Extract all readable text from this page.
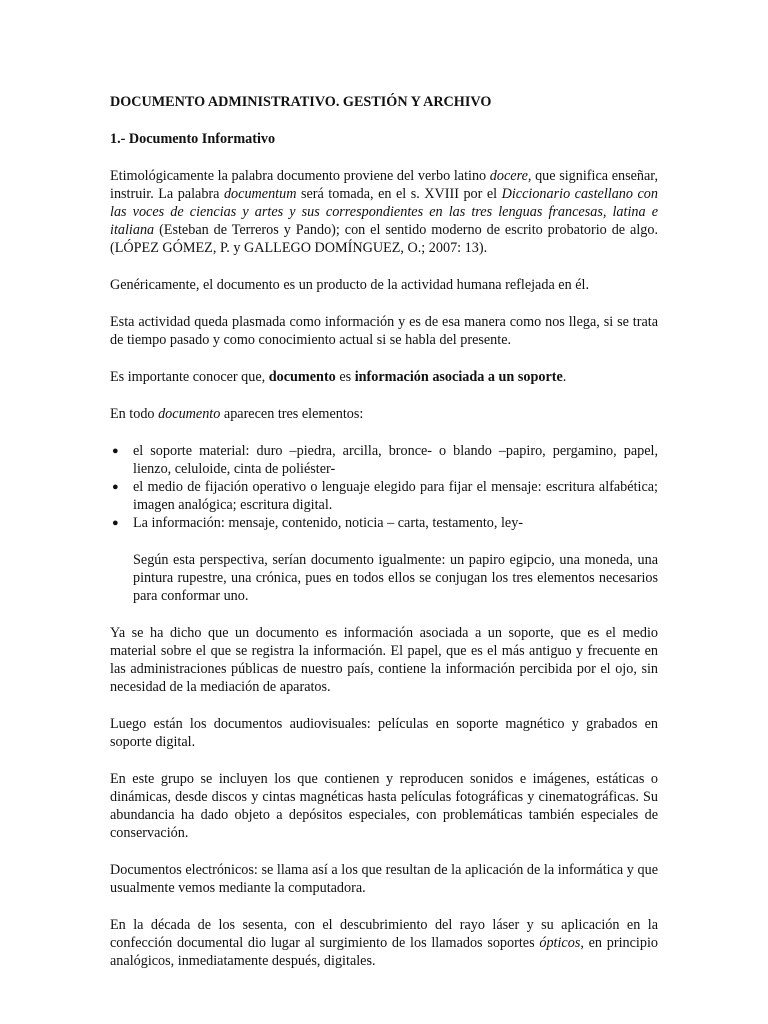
DOCUMENTO ADMINISTRATIVO. GESTIÓN Y ARCHIVO

1.- Documento Informativo

Etimológicamente la palabra documento proviene del verbo latino docere, que significa enseñar, instruir. La palabra documentum será tomada, en el s. XVIII por el Diccionario castellano con las voces de ciencias y artes y sus correspondientes en las tres lenguas francesas, latina e italiana (Esteban de Terreros y Pando); con el sentido moderno de escrito probatorio de algo. (LÓPEZ GÓMEZ, P. y GALLEGO DOMÍNGUEZ, O.; 2007: 13).

Genéricamente, el documento es un producto de la actividad humana reflejada en él.

Esta actividad queda plasmada como información y es de esa manera como nos llega, si se trata de tiempo pasado y como conocimiento actual si se habla del presente.

Es importante conocer que, documento es información asociada a un soporte.

En todo documento aparecen tres elementos:

● el soporte material: duro –piedra, arcilla, bronce- o blando –papiro, pergamino, papel, lienzo, celuloide, cinta de poliéster-
● el medio de fijación operativo o lenguaje elegido para fijar el mensaje: escritura alfabética; imagen analógica; escritura digital.
● La información: mensaje, contenido, noticia – carta, testamento, ley-

Según esta perspectiva, serían documento igualmente: un papiro egipcio, una moneda, una pintura rupestre, una crónica, pues en todos ellos se conjugan los tres elementos necesarios para conformar uno.

Ya se ha dicho que un documento es información asociada a un soporte, que es el medio material sobre el que se registra la información. El papel, que es el más antiguo y frecuente en las administraciones públicas de nuestro país, contiene la información percibida por el ojo, sin necesidad de la mediación de aparatos.

Luego están los documentos audiovisuales: películas en soporte magnético y grabados en soporte digital.

En este grupo se incluyen los que contienen y reproducen sonidos e imágenes, estáticas o dinámicas, desde discos y cintas magnéticas hasta películas fotográficas y cinematográficas. Su abundancia ha dado objeto a depósitos especiales, con problemáticas también especiales de conservación.

Documentos electrónicos: se llama así a los que resultan de la aplicación de la informática y que usualmente vemos mediante la computadora.

En la década de los sesenta, con el descubrimiento del rayo láser y su aplicación en la confección documental dio lugar al surgimiento de los llamados soportes ópticos, en principio analógicos, inmediatamente después, digitales.
